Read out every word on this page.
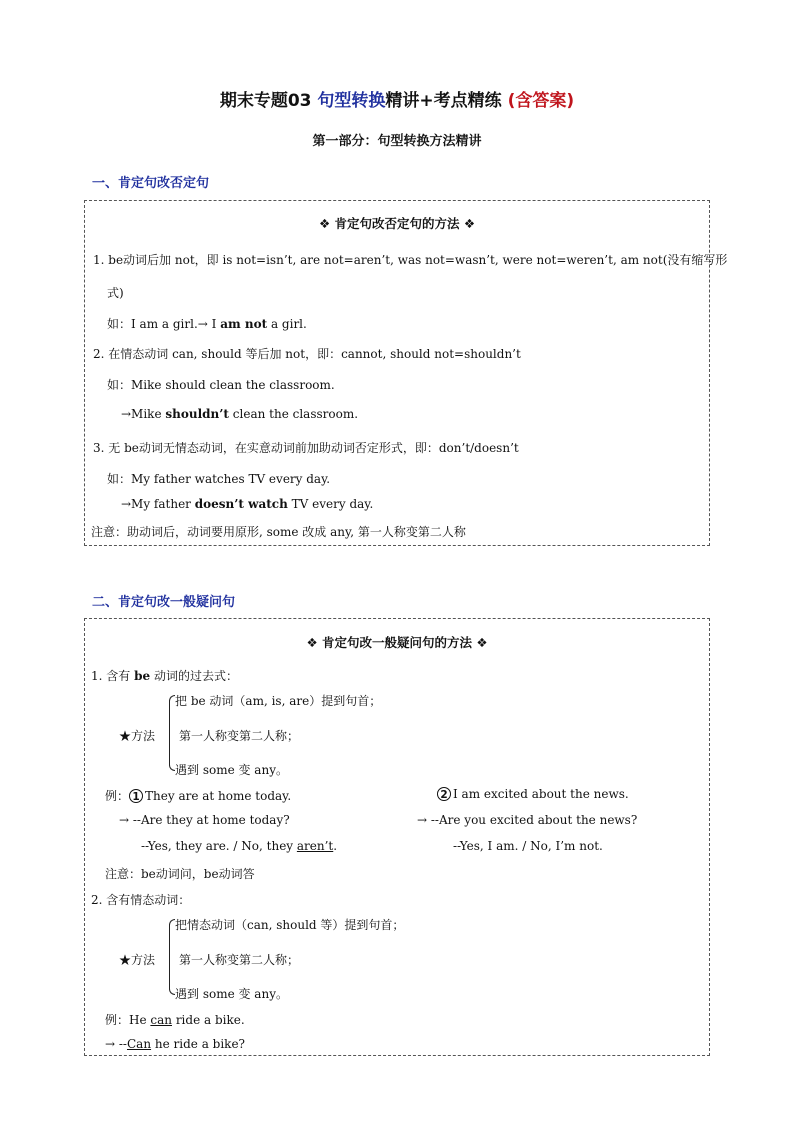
期末专题03 句型转换精讲+考点精练 (含答案)
第一部分：句型转换方法精讲
一、肯定句改否定句
❖ 肯定句改否定句的方法 ❖
1. be动词后加 not，即 is not=isn’t, are not=aren’t, was not=wasn’t, were not=weren’t, am not(没有缩写形
式)
如：I am a girl.→ I am not a girl.
2. 在情态动词 can, should 等后加 not，即：cannot, should not=shouldn’t
如：Mike should clean the classroom.
→Mike shouldn’t clean the classroom.
3. 无 be动词无情态动词，在实意动词前加助动词否定形式，即：don’t/doesn’t
如：My father watches TV every day.
→My father doesn’t watch TV every day.
注意：助动词后，动词要用原形, some 改成 any, 第一人称变第二人称
二、肯定句改一般疑问句
❖ 肯定句改一般疑问句的方法 ❖
1. 含有 be 动词的过去式：
★方法
把 be 动词（am, is, are）提到句首；
第一人称变第二人称；
遇到 some 变 any。
例： 1 They are at home today.
→ --Are they at home today?
--Yes, they are. / No, they aren’t.
2 I am excited about the news.
→ --Are you excited about the news?
--Yes, I am. / No, I’m not.
注意：be动词问，be动词答
2. 含有情态动词：
★方法
把情态动词（can, should 等）提到句首；
第一人称变第二人称；
遇到 some 变 any。
例：He can ride a bike.
→ --Can he ride a bike?
